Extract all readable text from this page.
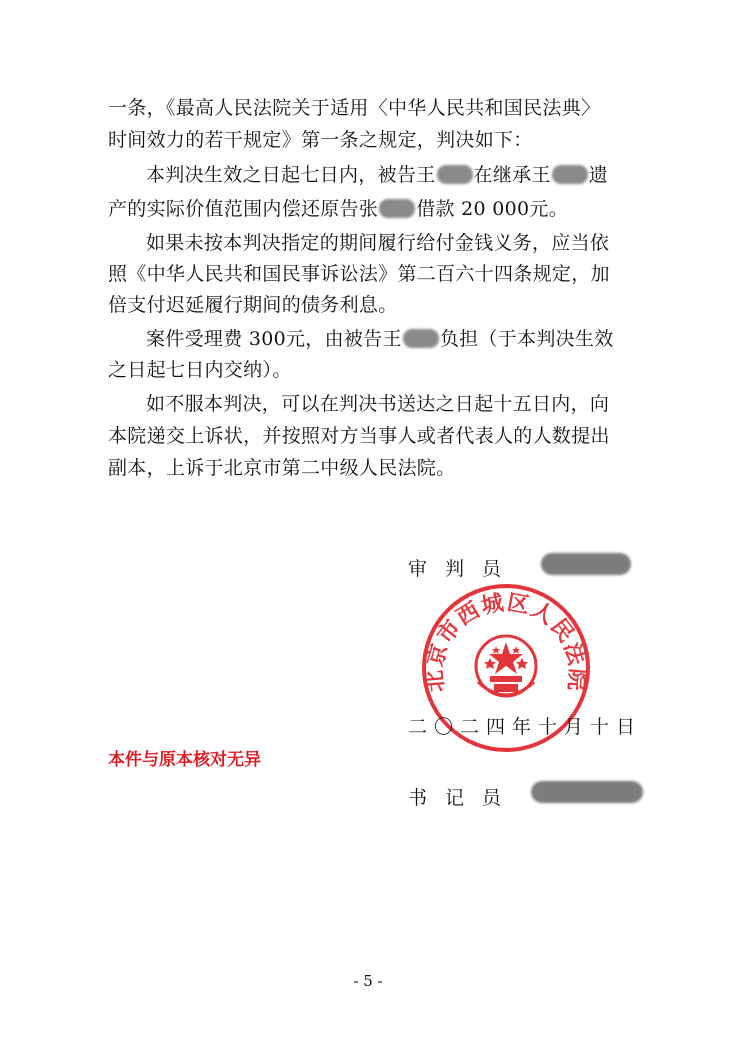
一条，《最高人民法院关于适用〈中华人民共和国民法典〉
时间效力的若干规定》第一条之规定，判决如下：
本判决生效之日起七日内，被告王 在继承王 遗
产的实际价值范围内偿还原告张 借款 20 000元。
如果未按本判决指定的期间履行给付金钱义务，应当依
照《中华人民共和国民事诉讼法》第二百六十四条规定，加
倍支付迟延履行期间的债务利息。
案件受理费 300元，由被告王 负担（于本判决生效
之日起七日内交纳）。
如不服本判决，可以在判决书送达之日起十五日内，向
本院递交上诉状，并按照对方当事人或者代表人的人数提出
副本，上诉于北京市第二中级人民法院。
审判员
北京市西城区人民法院
二〇二四年十月十日
本件与原本核对无异
书记员
- 5 -
